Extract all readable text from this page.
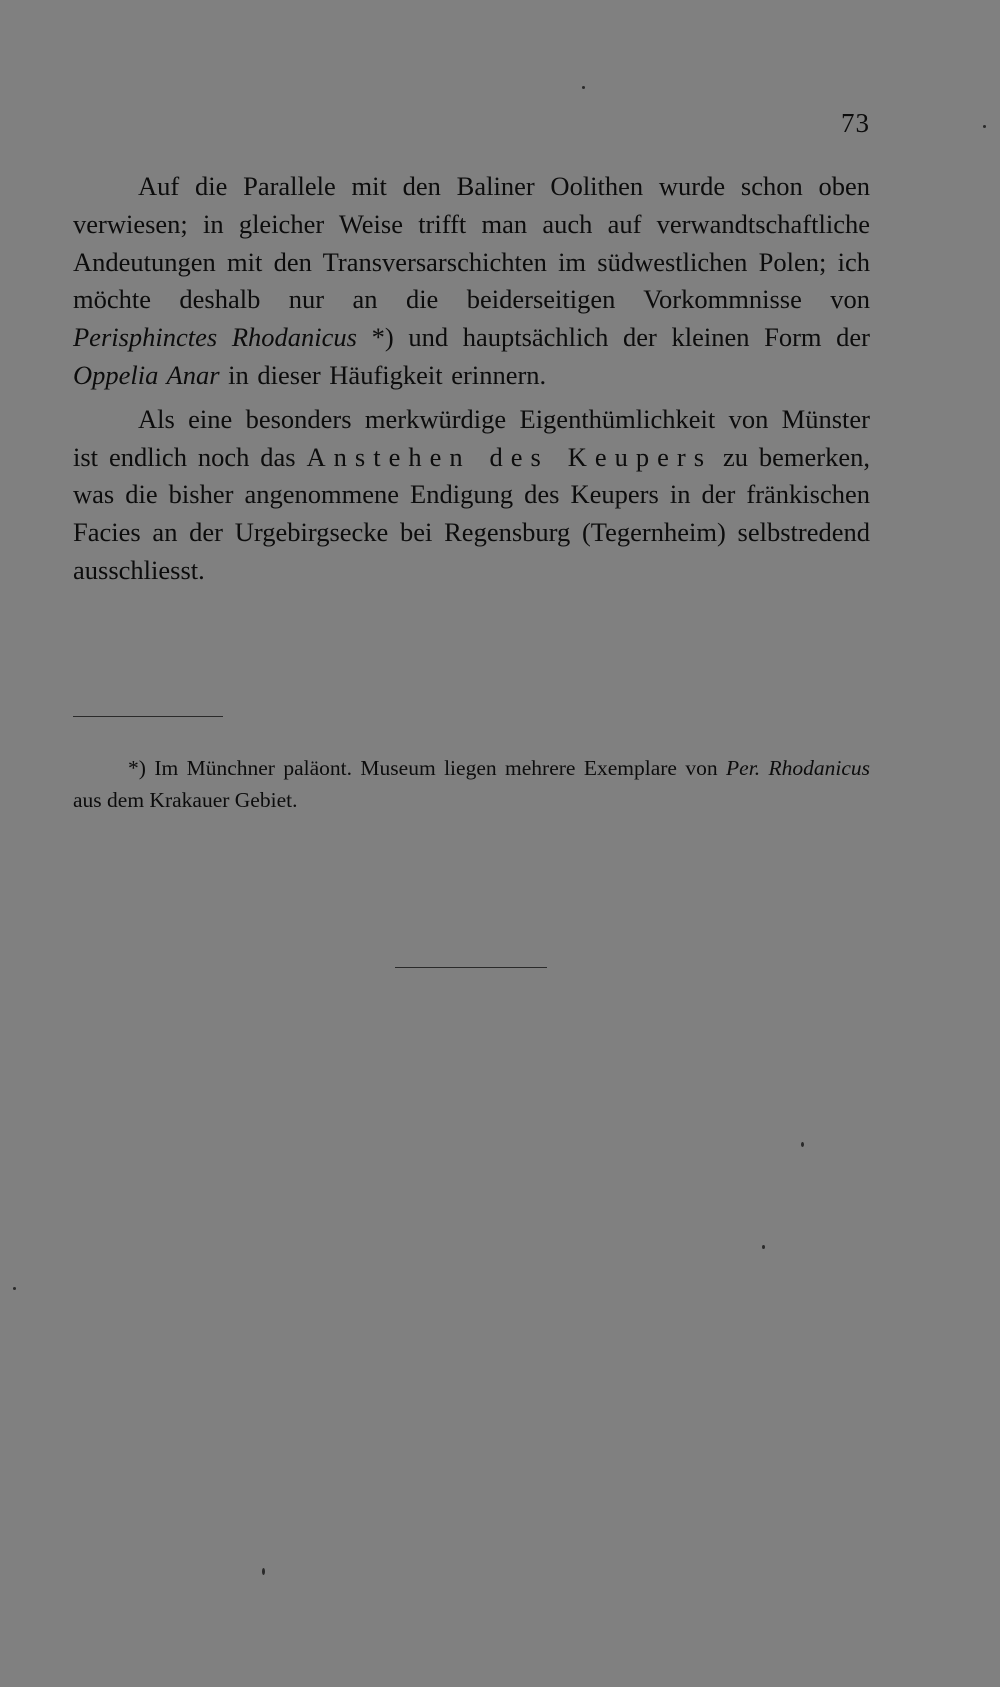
73

Auf die Parallele mit den Baliner Oolithen wurde schon oben verwiesen; in gleicher Weise trifft man auch auf verwandtschaftliche Andeutungen mit den Transversarschichten im südwestlichen Polen; ich möchte deshalb nur an die beiderseitigen Vorkommnisse von Perisphinctes Rhodanicus *) und hauptsächlich der kleinen Form der Oppelia Anar in dieser Häufigkeit erinnern.

Als eine besonders merkwürdige Eigenthümlichkeit von Münster ist endlich noch das Anstehen des Keupers zu bemerken, was die bisher angenommene Endigung des Keupers in der fränkischen Facies an der Urgebirgsecke bei Regensburg (Tegernheim) selbstredend ausschliesst.

*) Im Münchner paläont. Museum liegen mehrere Exemplare von Per. Rhodanicus aus dem Krakauer Gebiet.
